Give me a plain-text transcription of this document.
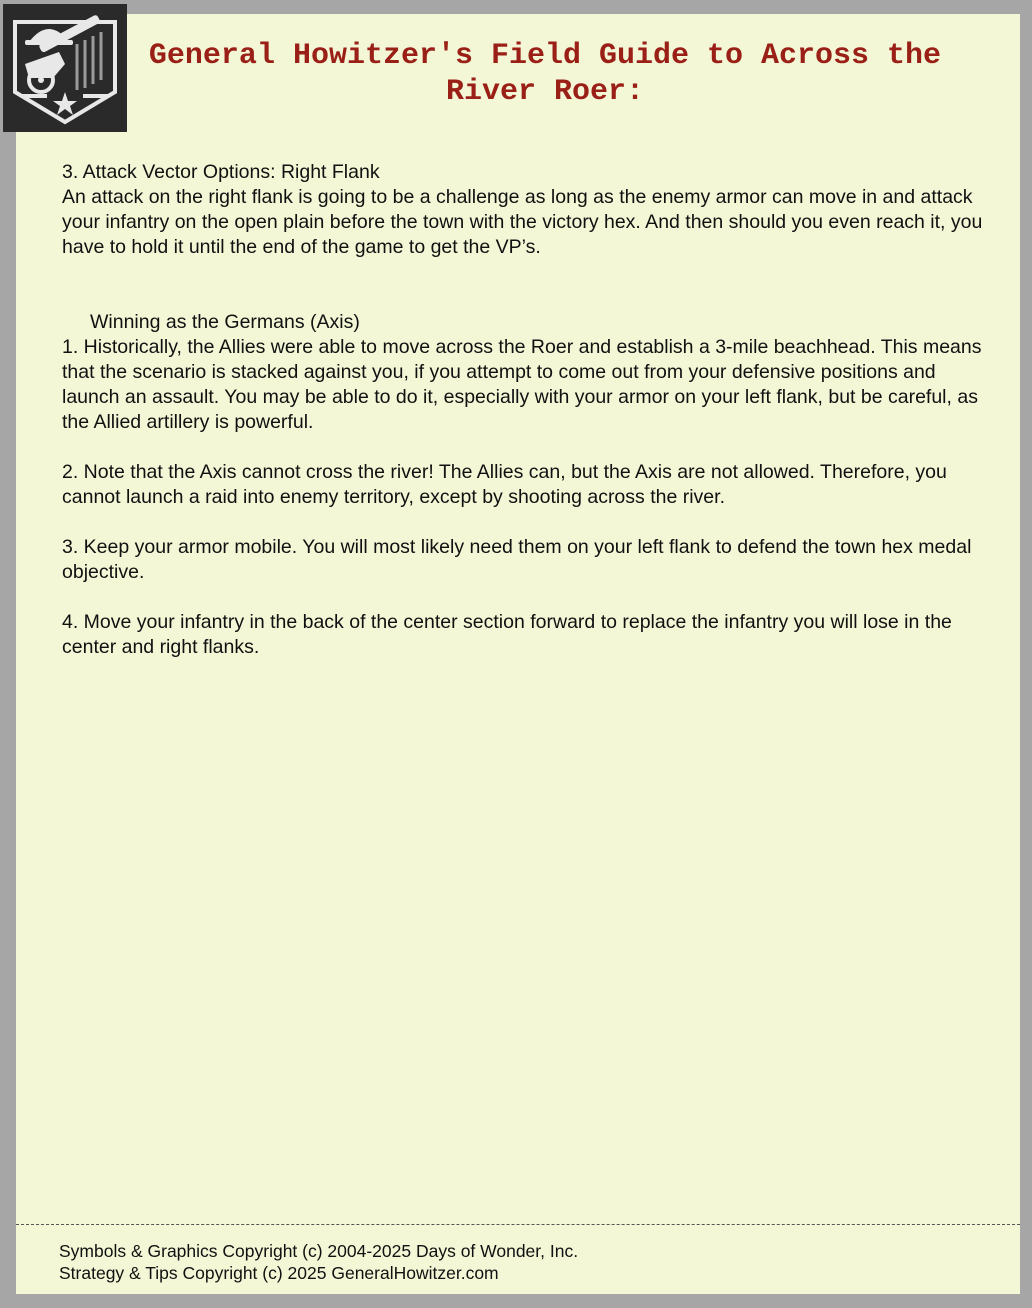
General Howitzer's Field Guide to Across the River Roer:

3. Attack Vector Options: Right Flank

An attack on the right flank is going to be a challenge as long as the enemy armor can move in and attack your infantry on the open plain before the town with the victory hex. And then should you even reach it, you have to hold it until the end of the game to get the VP’s.

Winning as the Germans (Axis)

1. Historically, the Allies were able to move across the Roer and establish a 3-mile beachhead. This means that the scenario is stacked against you, if you attempt to come out from your defensive positions and launch an assault. You may be able to do it, especially with your armor on your left flank, but be careful, as the Allied artillery is powerful.

2. Note that the Axis cannot cross the river! The Allies can, but the Axis are not allowed. Therefore, you cannot launch a raid into enemy territory, except by shooting across the river.

3. Keep your armor mobile. You will most likely need them on your left flank to defend the town hex medal objective.

4. Move your infantry in the back of the center section forward to replace the infantry you will lose in the center and right flanks.

Symbols & Graphics Copyright (c) 2004-2025 Days of Wonder, Inc.
Strategy & Tips Copyright (c) 2025 GeneralHowitzer.com
